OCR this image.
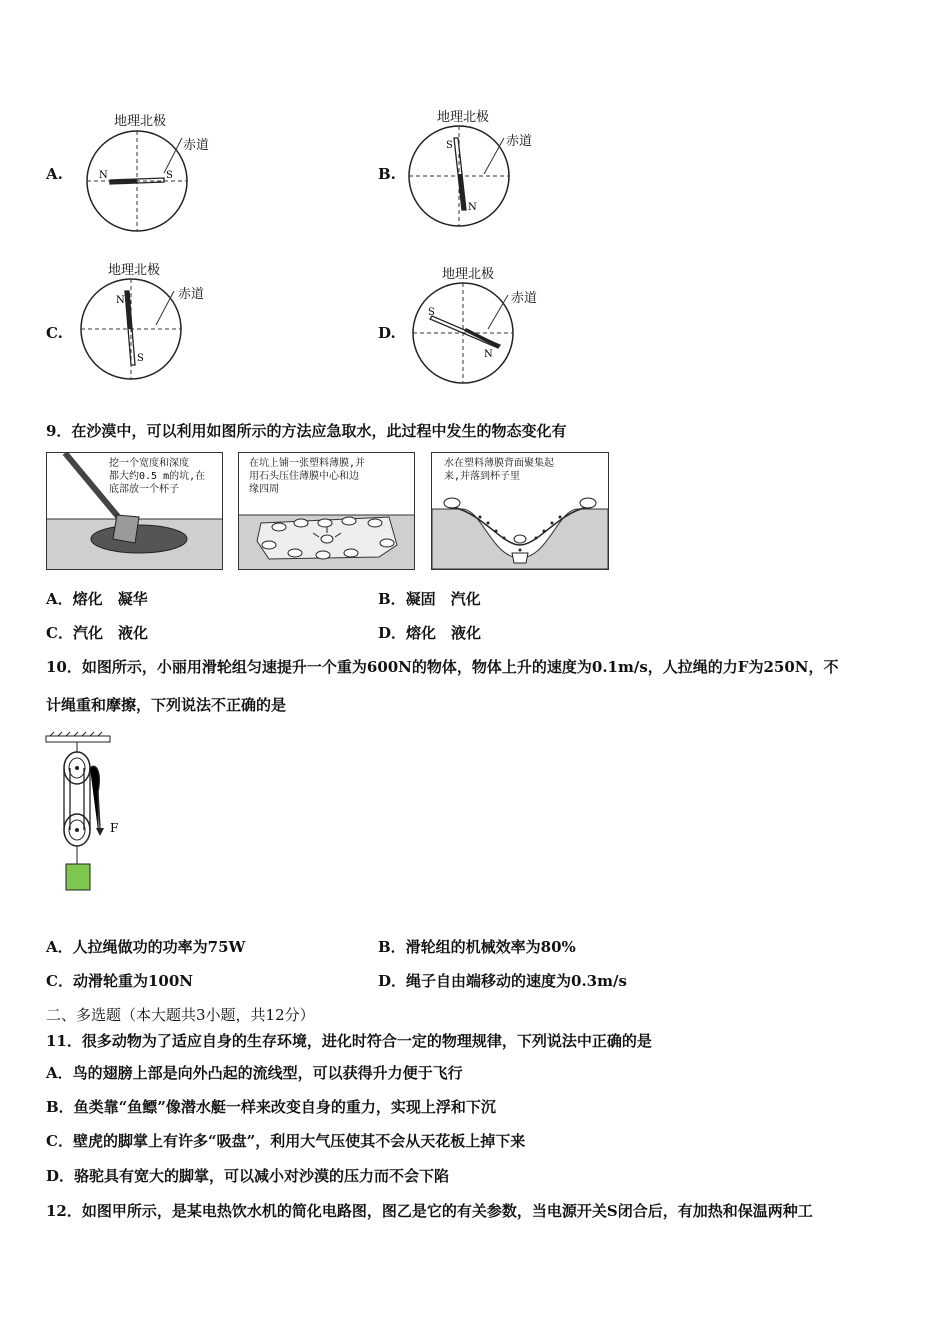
A.
地理北极
赤道
N	S	B.
地理北极
赤道
S
N
C.
地理北极
赤道
N
S
D.
地理北极
赤道
S
N
9．在沙漠中，可以利用如图所示的方法应急取水，此过程中发生的物态变化有
挖一个宽度和深度
都大约0.5 m的坑,在
底部放一个杯子
在坑上铺一张塑料薄膜,并
用石头压住薄膜中心和边
缘四周
水在塑料薄膜背面聚集起
来,并落到杯子里
A．熔化　凝华	B．凝固　汽化
C．汽化　液化	D．熔化　液化
10．如图所示，小丽用滑轮组匀速提升一个重为600N的物体，物体上升的速度为0.1m/s，人拉绳的力F为250N，不
计绳重和摩擦，下列说法不正确的是
F
A．人拉绳做功的功率为75W	B．滑轮组的机械效率为80%
C．动滑轮重为100N	D．绳子自由端移动的速度为0.3m/s
二、多选题（本大题共3小题，共12分）
11．很多动物为了适应自身的生存环境，进化时符合一定的物理规律，下列说法中正确的是
A．鸟的翅膀上部是向外凸起的流线型，可以获得升力便于飞行
B．鱼类靠“鱼鳔”像潜水艇一样来改变自身的重力，实现上浮和下沉
C．壁虎的脚掌上有许多“吸盘”，利用大气压使其不会从天花板上掉下来
D．骆驼具有宽大的脚掌，可以减小对沙漠的压力而不会下陷
12．如图甲所示，是某电热饮水机的简化电路图，图乙是它的有关参数，当电源开关S闭合后，有加热和保温两种工
